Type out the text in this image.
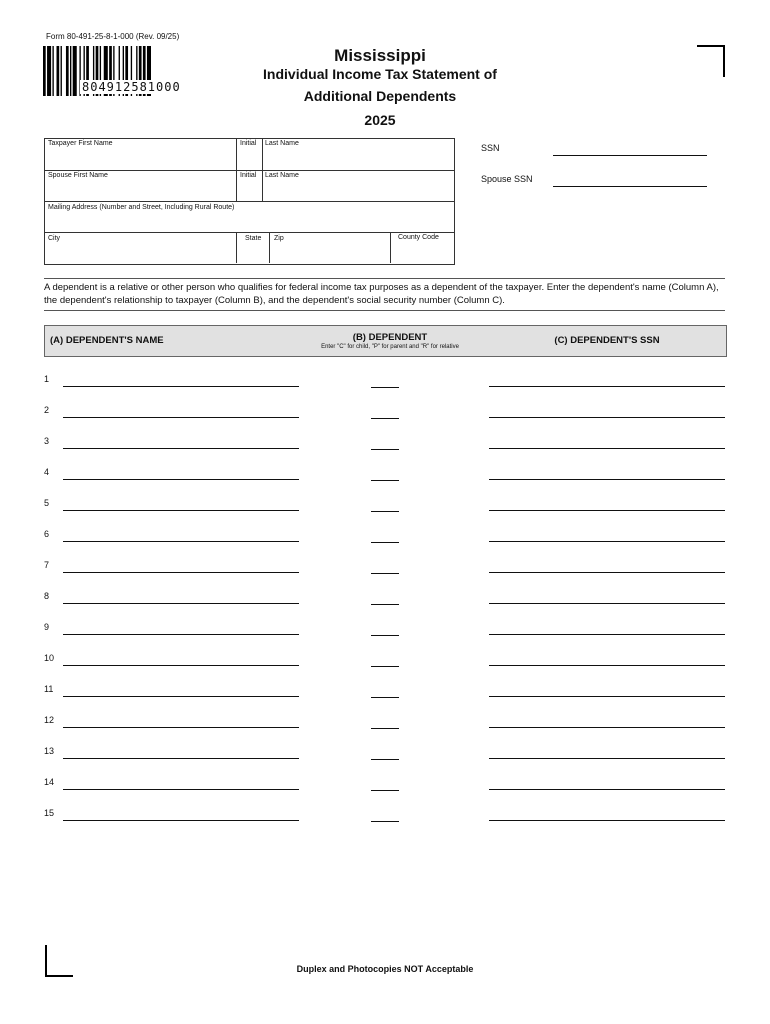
Form 80-491-25-8-1-000 (Rev. 09/25)
804912581000
Mississippi
Individual Income Tax Statement of
Additional Dependents
2025
Taxpayer First Name	Initial Last Name
Spouse First Name	Initial Last Name
Mailing Address (Number and Street, Including Rural Route)
City	State Zip	County Code
SSN
Spouse SSN
A dependent is a relative or other person who qualifies for federal income tax purposes as a dependent of the taxpayer. Enter the dependent's name (Column A), the dependent's relationship to taxpayer (Column B), and the dependent's social security number (Column C).
(A) DEPENDENT'S NAME	(B) DEPENDENT
Enter "C" for child, "P" for parent and "R" for relative
(C) DEPENDENT'S SSN
1
2
3
4
5
6
7
8
9
10
11
12
13
14
15
Duplex and Photocopies NOT Acceptable
